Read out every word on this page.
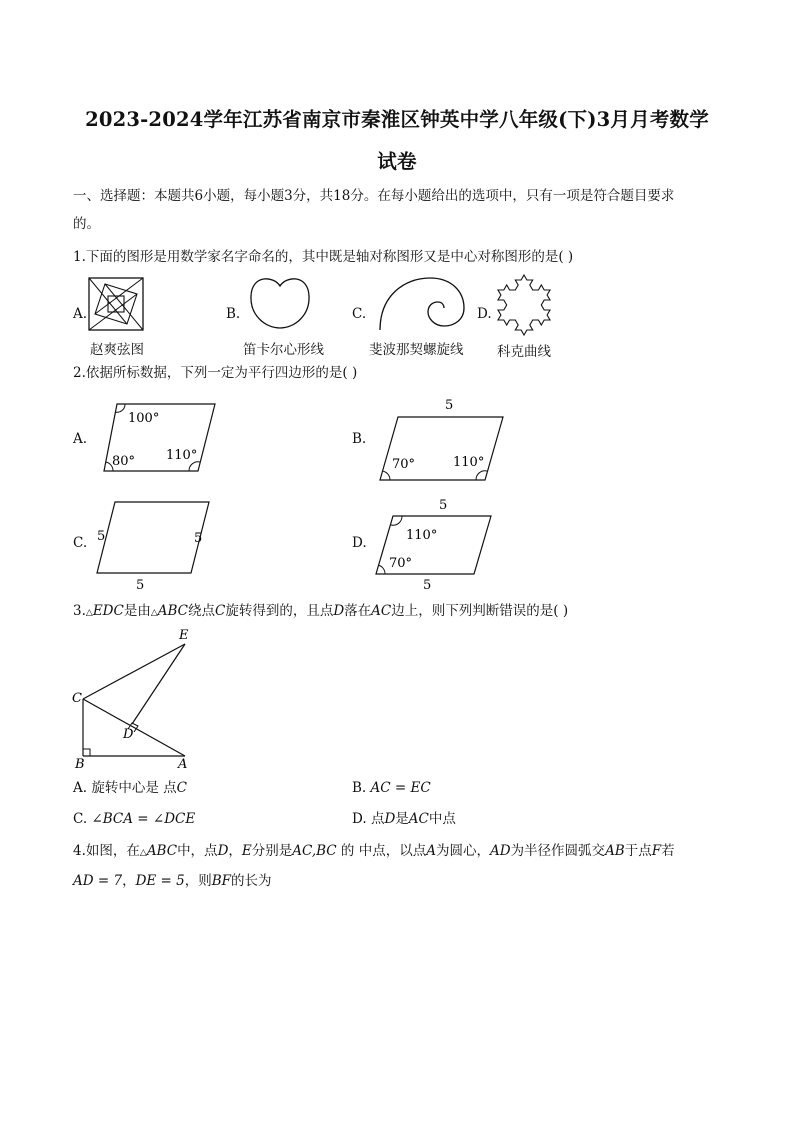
2023-2024学年江苏省南京市秦淮区钟英中学八年级(下)3月月考数学
试卷
一、选择题：本题共6小题，每小题3分，共18分。在每小题给出的选项中，只有一项是符合题目要求
的。
1.下面的图形是用数学家名字命名的，其中既是轴对称图形又是中心对称图形的是( )
A.
赵爽弦图
B.
笛卡尔心形线
C.
斐波那契螺旋线
D.
科克曲线
2.依据所标数据，下列一定为平行四边形的是( )
A.
100°
80° 110°
B.
5
70°	110°
C. 5	5
5
D.
5
110°
70°
5
3.△EDC是由△ABC绕点C旋转得到的，且点D落在AC边上，则下列判断错误的是( )
E
C
D
B	A
A. 旋转中心是 点C	B. AC = EC
C. ∠BCA = ∠DCE	D. 点D是AC中点
4.如图，在△ABC中，点D，E分别是AC,BC 的 中点，以点A为圆心，AD为半径作圆弧交AB于点F若
AD = 7，DE = 5，则BF的长为
